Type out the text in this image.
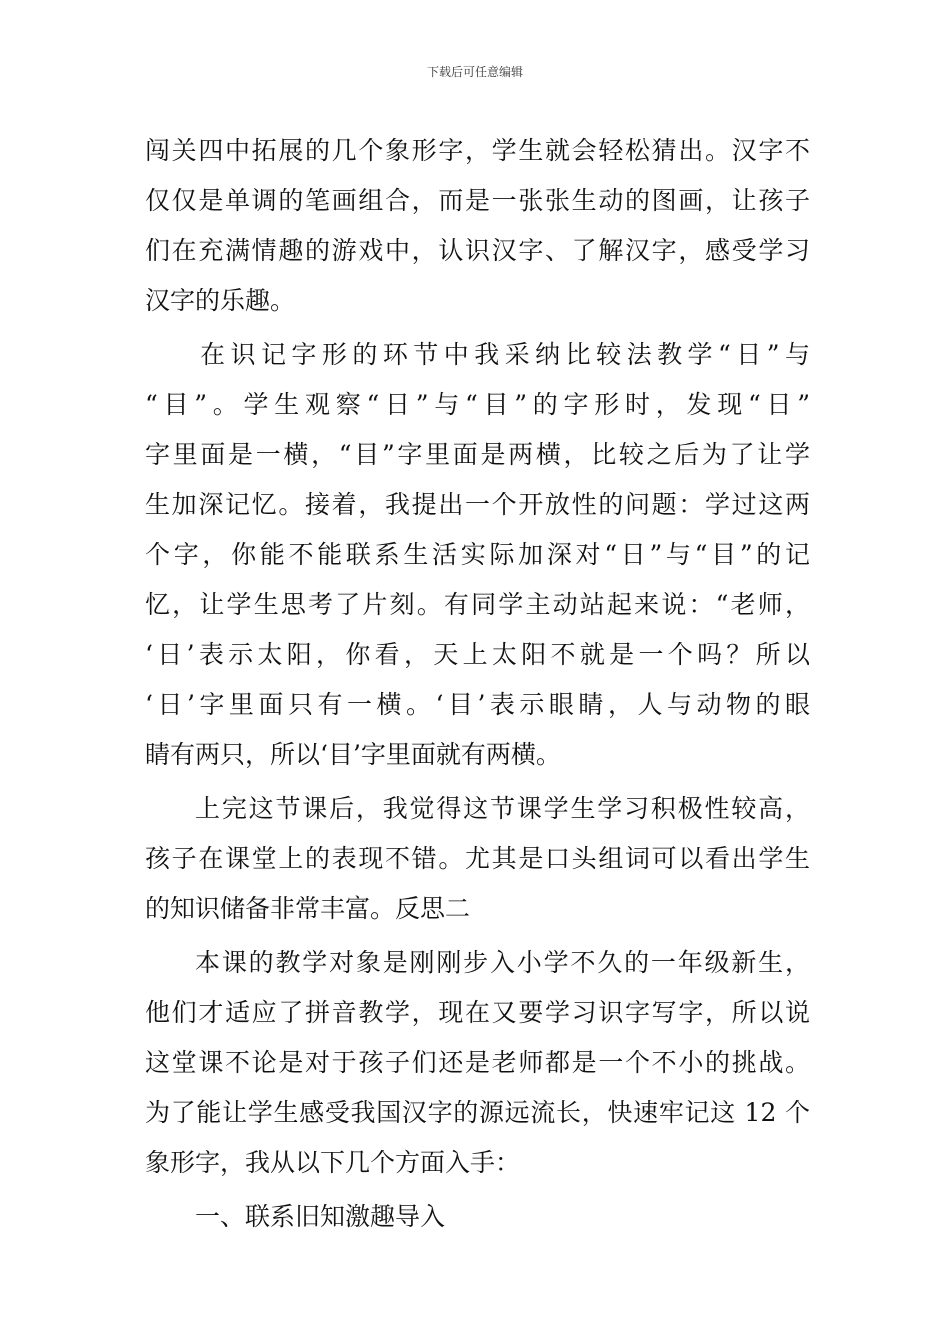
下载后可任意编辑
闯关四中拓展的几个象形字，学生就会轻松猜出。汉字不
仅仅是单调的笔画组合，而是一张张生动的图画，让孩子
们在充满情趣的游戏中，认识汉字、了解汉字，感受学习
汉字的乐趣。
在识记字形的环节中我采纳比较法教学“日”与
“目”。学生观察“日”与“目”的字形时，发现“日”
字里面是一横，“目”字里面是两横，比较之后为了让学
生加深记忆。接着，我提出一个开放性的问题：学过这两
个字，你能不能联系生活实际加深对“日”与“目”的记
忆，让学生思考了片刻。有同学主动站起来说：“老师，
‘日’表示太阳，你看，天上太阳不就是一个吗？所以
‘日’字里面只有一横。‘目’表示眼睛，人与动物的眼
睛有两只，所以‘目’字里面就有两横。
上完这节课后，我觉得这节课学生学习积极性较高，
孩子在课堂上的表现不错。尤其是口头组词可以看出学生
的知识储备非常丰富。反思二
本课的教学对象是刚刚步入小学不久的一年级新生，
他们才适应了拼音教学，现在又要学习识字写字，所以说
这堂课不论是对于孩子们还是老师都是一个不小的挑战。
为了能让学生感受我国汉字的源远流长，快速牢记这 12 个
象形字，我从以下几个方面入手：
一、联系旧知激趣导入
